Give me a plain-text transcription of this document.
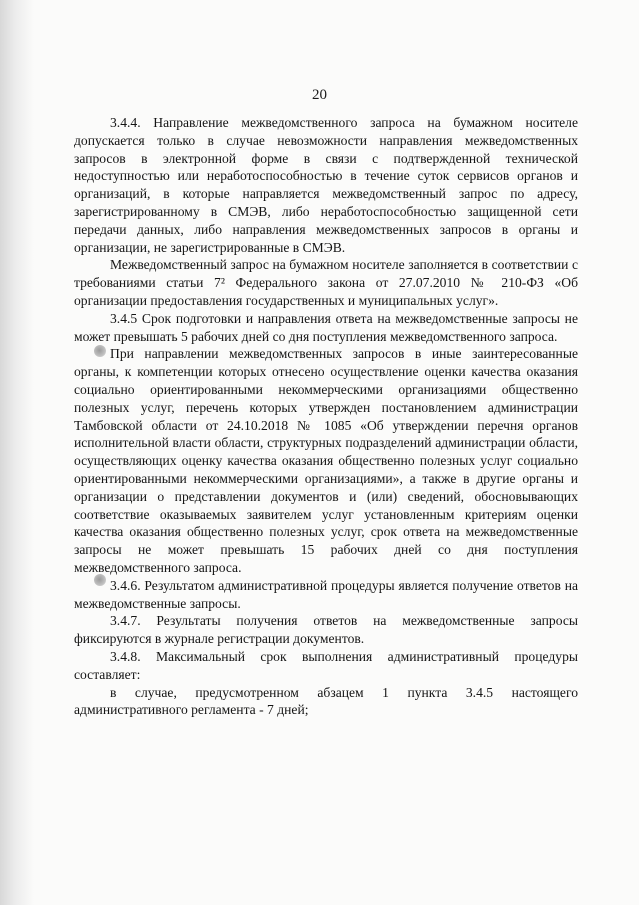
20

3.4.4. Направление межведомственного запроса на бумажном носителе допускается только в случае невозможности направления межведомственных запросов в электронной форме в связи с подтвержденной технической недоступностью или неработоспособностью в течение суток сервисов органов и организаций, в которые направляется межведомственный запрос по адресу, зарегистрированному в СМЭВ, либо неработоспособностью защищенной сети передачи данных, либо направления межведомственных запросов в органы и организации, не зарегистрированные в СМЭВ.

Межведомственный запрос на бумажном носителе заполняется в соответствии с требованиями статьи 7² Федерального закона от 27.07.2010 № 210-ФЗ «Об организации предоставления государственных и муниципальных услуг».

3.4.5 Срок подготовки и направления ответа на межведомственные запросы не может превышать 5 рабочих дней со дня поступления межведомственного запроса.

При направлении межведомственных запросов в иные заинтересованные органы, к компетенции которых отнесено осуществление оценки качества оказания социально ориентированными некоммерческими организациями общественно полезных услуг, перечень которых утвержден постановлением администрации Тамбовской области от 24.10.2018 № 1085 «Об утверждении перечня органов исполнительной власти области, структурных подразделений администрации области, осуществляющих оценку качества оказания общественно полезных услуг социально ориентированными некоммерческими организациями», а также в другие органы и организации о представлении документов и (или) сведений, обосновывающих соответствие оказываемых заявителем услуг установленным критериям оценки качества оказания общественно полезных услуг, срок ответа на межведомственные запросы не может превышать 15 рабочих дней со дня поступления межведомственного запроса.

3.4.6. Результатом административной процедуры является получение ответов на межведомственные запросы.

3.4.7. Результаты получения ответов на межведомственные запросы фиксируются в журнале регистрации документов.

3.4.8. Максимальный срок выполнения административный процедуры составляет:

в случае, предусмотренном абзацем 1 пункта 3.4.5 настоящего административного регламента - 7 дней;
